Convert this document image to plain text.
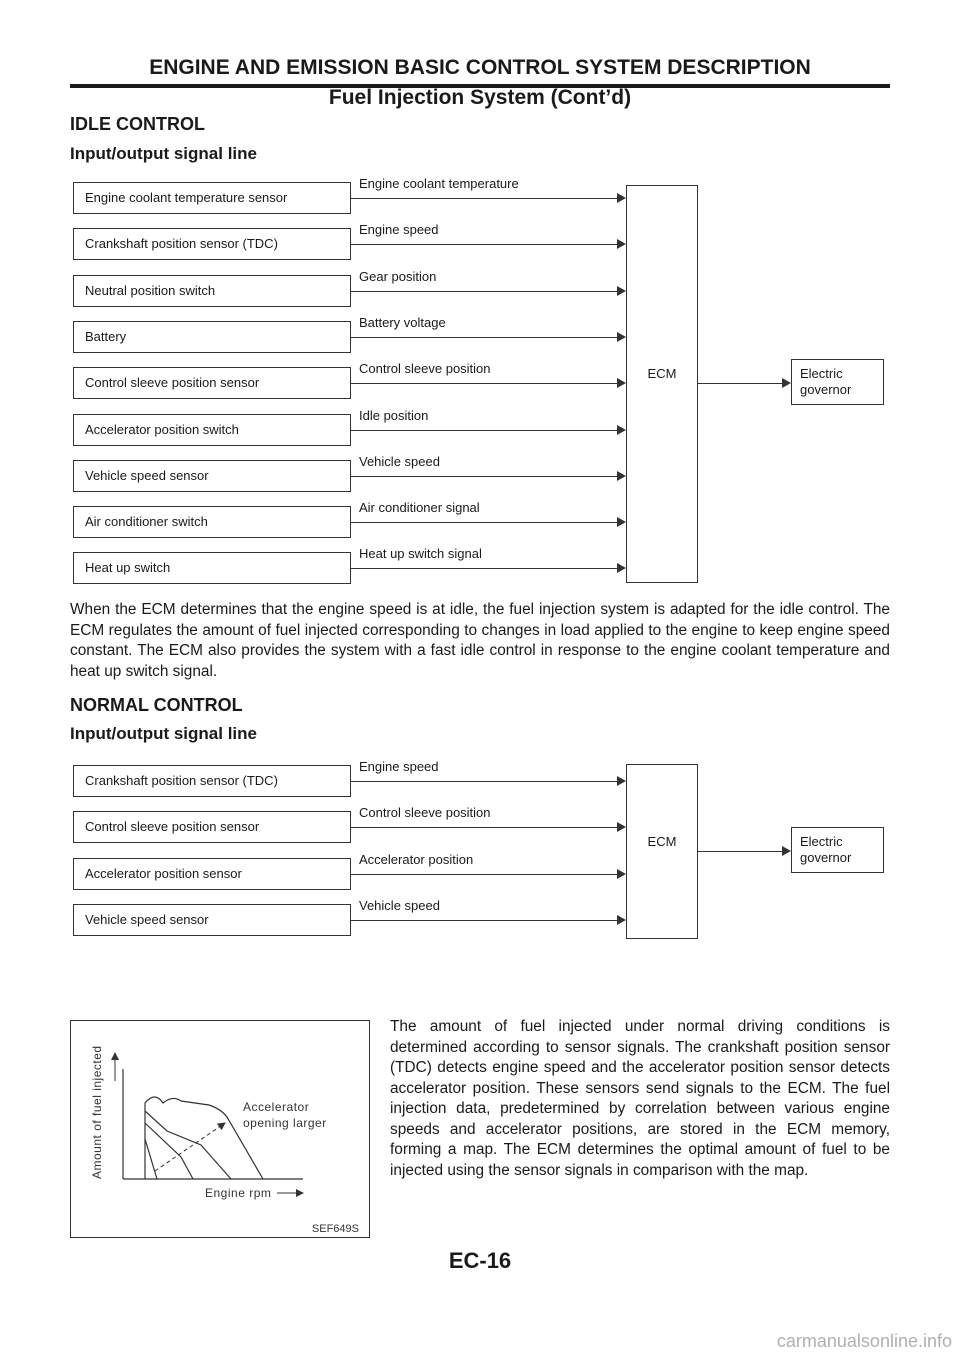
ENGINE AND EMISSION BASIC CONTROL SYSTEM DESCRIPTION
Fuel Injection System (Cont’d)
IDLE CONTROL
Input/output signal line
Engine coolant temperature sensor
Engine coolant temperature
Crankshaft position sensor (TDC)
Engine speed
Neutral position switch
Gear position
Battery
Battery voltage
Control sleeve position sensor
Control sleeve position
Accelerator position switch
Idle position
Vehicle speed sensor
Vehicle speed
Air conditioner switch
Air conditioner signal
Heat up switch
Heat up switch signal
ECM	Electric
governor
When the ECM determines that the engine speed is at idle, the fuel injection system is adapted for the idle control. The ECM regulates the amount of fuel injected corresponding to changes in load applied to the engine to keep engine speed constant. The ECM also provides the system with a fast idle control in response to the engine coolant temperature and heat up switch signal.
NORMAL CONTROL
Input/output signal line
Crankshaft position sensor (TDC)
Engine speed
Control sleeve position sensor
Control sleeve position
Accelerator position sensor
Accelerator position
Vehicle speed sensor
Vehicle speed
ECM	Electric
governor
Amount of fuel injected
Engine rpm
Accelerator
opening larger
SEF649S
The amount of fuel injected under normal driving conditions is determined according to sensor signals. The crankshaft position sensor (TDC) detects engine speed and the accelerator position sensor detects accelerator position. These sensors send signals to the ECM. The fuel injection data, predetermined by correlation between various engine speeds and accelerator positions, are stored in the ECM memory, forming a map. The ECM determines the optimal amount of fuel to be injected using the sensor signals in comparison with the map.
EC-16
carmanualsonline.info
